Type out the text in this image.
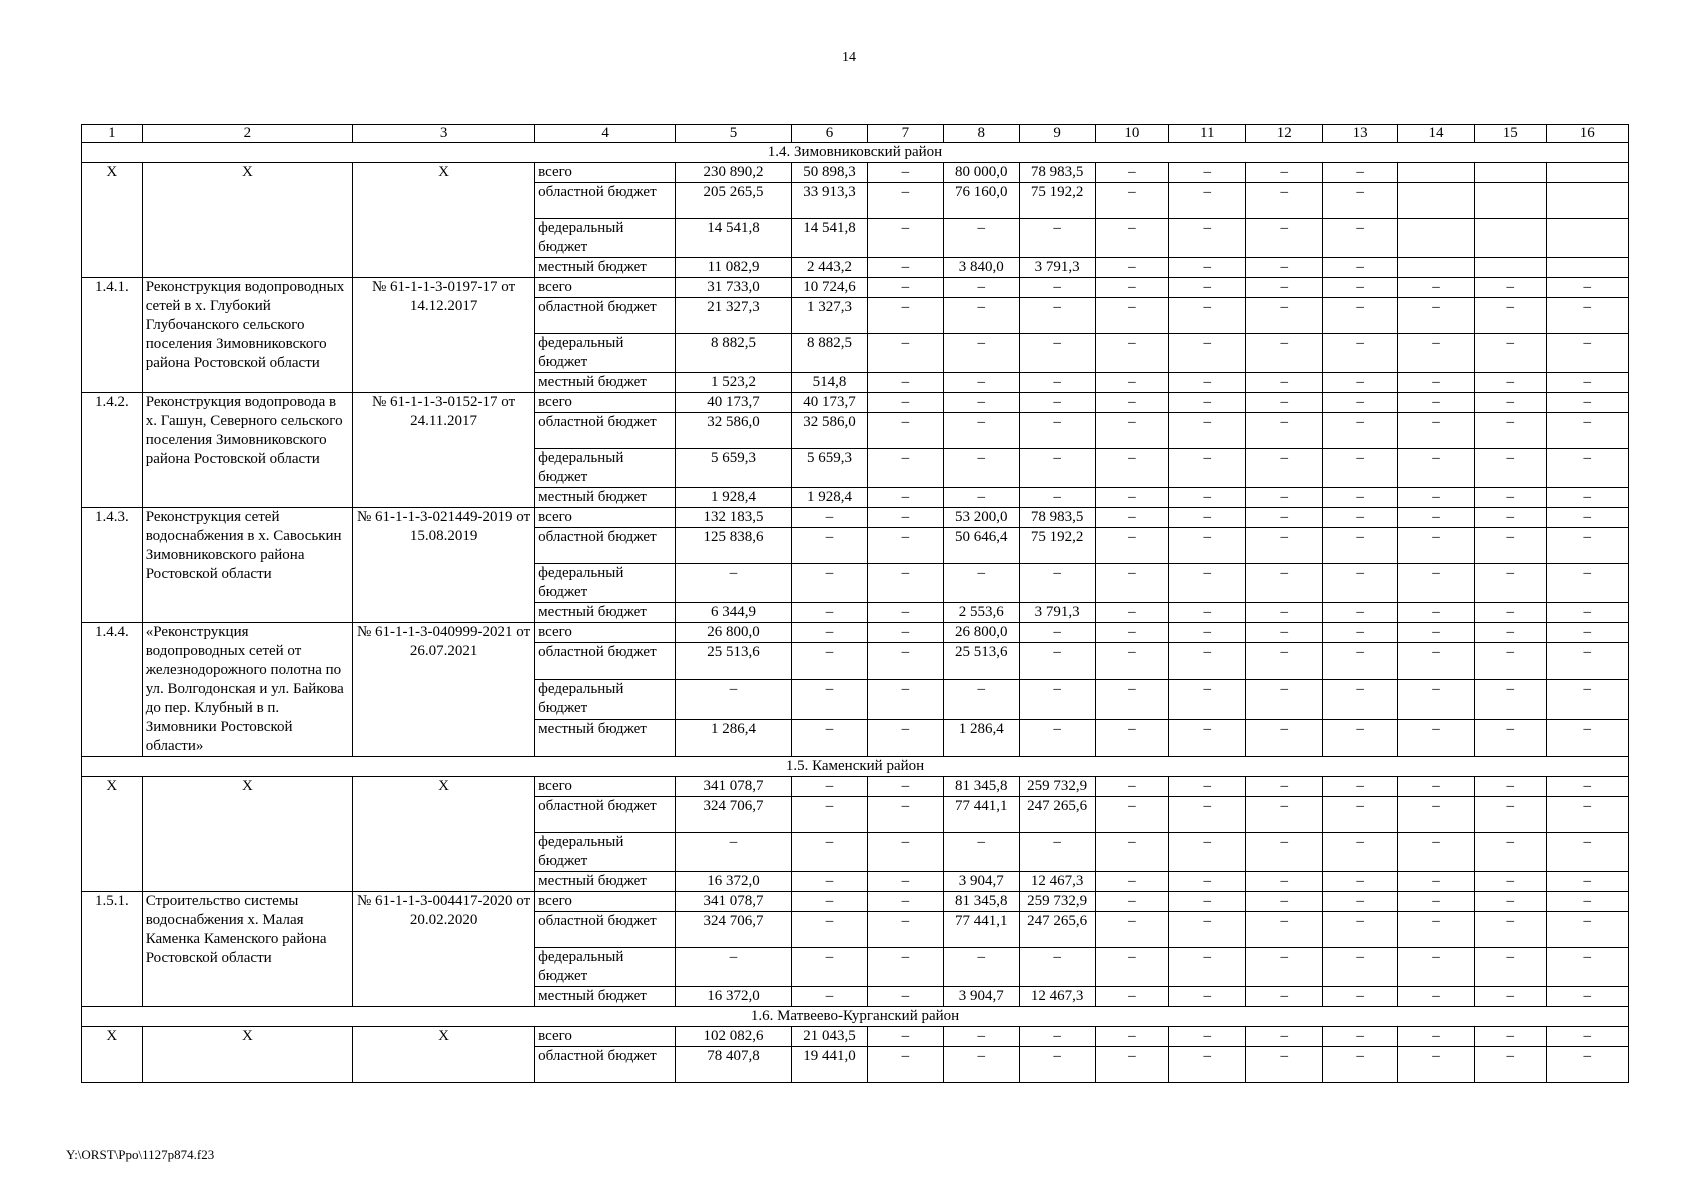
14
1	2	3	4	5	6	7	8	9	10	11	12	13	14	15	16
1.4. Зимовниковский район															
X	X	X	всего	230 890,2	50 898,3	–	80 000,0	78 983,5	–	–	–	–			
			областной бюджет	205 265,5	33 913,3	–	76 160,0	75 192,2	–	–	–	–			
			федеральный бюджет	14 541,8	14 541,8	–	–	–	–	–	–	–			
			местный бюджет	11 082,9	2 443,2	–	3 840,0	3 791,3	–	–	–	–			
1.4.1.	Реконструкция водопроводных сетей в х. Глубокий Глубочанского сельского поселения Зимовниковского района Ростовской области	№ 61-1-1-3-0197-17 от 14.12.2017	всего	31 733,0	10 724,6	–	–	–	–	–	–	–	–	–	–
			областной бюджет	21 327,3	1 327,3	–	–	–	–	–	–	–	–	–	–
			федеральный бюджет	8 882,5	8 882,5	–	–	–	–	–	–	–	–	–	–
			местный бюджет	1 523,2	514,8	–	–	–	–	–	–	–	–	–	–
1.4.2.	Реконструкция водопровода в х. Гашун, Северного сельского поселения Зимовниковского района Ростовской области	№ 61-1-1-3-0152-17 от 24.11.2017	всего	40 173,7	40 173,7	–	–	–	–	–	–	–	–	–	–
			областной бюджет	32 586,0	32 586,0	–	–	–	–	–	–	–	–	–	–
			федеральный бюджет	5 659,3	5 659,3	–	–	–	–	–	–	–	–	–	–
			местный бюджет	1 928,4	1 928,4	–	–	–	–	–	–	–	–	–	–
1.4.3.	Реконструкция сетей водоснабжения в х. Савоськин Зимовниковского района Ростовской области	№ 61-1-1-3-021449-2019 от 15.08.2019	всего	132 183,5	–	–	53 200,0	78 983,5	–	–	–	–	–	–	–
			областной бюджет	125 838,6	–	–	50 646,4	75 192,2	–	–	–	–	–	–	–
			федеральный бюджет	–	–	–	–	–	–	–	–	–	–	–	–
			местный бюджет	6 344,9	–	–	2 553,6	3 791,3	–	–	–	–	–	–	–
1.4.4.	«Реконструкция водопроводных сетей от железнодорожного полотна по ул. Волгодонская и ул. Байкова до пер. Клубный в п. Зимовники Ростовской области»	№ 61-1-1-3-040999-2021 от 26.07.2021	всего	26 800,0	–	–	26 800,0	–	–	–	–	–	–	–	–
			областной бюджет	25 513,6	–	–	25 513,6	–	–	–	–	–	–	–	–
			федеральный бюджет	–	–	–	–	–	–	–	–	–	–	–	–
			местный бюджет	1 286,4	–	–	1 286,4	–	–	–	–	–	–	–	–
1.5. Каменский район															
X	X	X	всего	341 078,7	–	–	81 345,8	259 732,9	–	–	–	–	–	–	–
			областной бюджет	324 706,7	–	–	77 441,1	247 265,6	–	–	–	–	–	–	–
			федеральный бюджет	–	–	–	–	–	–	–	–	–	–	–	–
			местный бюджет	16 372,0	–	–	3 904,7	12 467,3	–	–	–	–	–	–	–
1.5.1.	Строительство системы водоснабжения х. Малая Каменка Каменского района Ростовской области	№ 61-1-1-3-004417-2020 от 20.02.2020	всего	341 078,7	–	–	81 345,8	259 732,9	–	–	–	–	–	–	–
			областной бюджет	324 706,7	–	–	77 441,1	247 265,6	–	–	–	–	–	–	–
			федеральный бюджет	–	–	–	–	–	–	–	–	–	–	–	–
			местный бюджет	16 372,0	–	–	3 904,7	12 467,3	–	–	–	–	–	–	–
1.6. Матвеево-Курганский район															
X	X	X	всего	102 082,6	21 043,5	–	–	–	–	–	–	–	–	–	–
			областной бюджет	78 407,8	19 441,0	–	–	–	–	–	–	–	–	–	–
Y:\ORST\Ppo\1127p874.f23
